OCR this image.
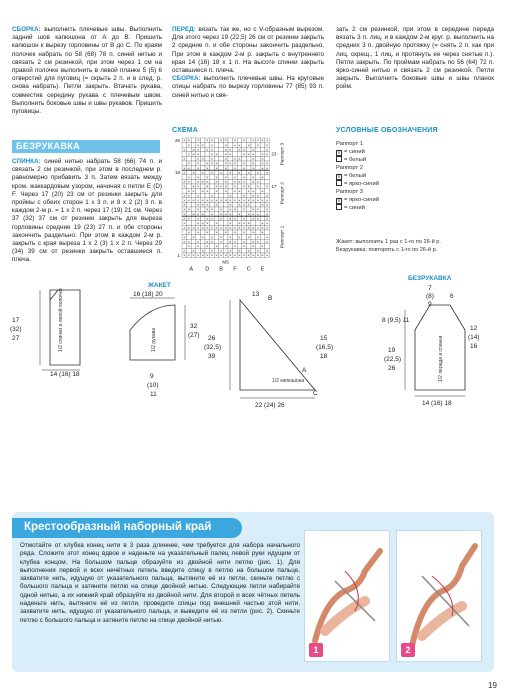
СБОРКА: выполнить плечевые швы. Выполнить задний шов капюшона от А до В. Пришить капюшон к вырезу горловины от В до С. По краям полочек набрать по 58 (68) 78 п. синей нитью и связать 2 см резинкой, при этом через 1 см на правой полочке выполнить в левой планке 5 (5) 6 отверстий для пуговиц (= скрыть 2 п. и в след. р. снова набрать). Петли закрыть. Втачать рукава, совместив середину рукава с плечевым швом. Выполнить боковые швы и швы рукавов. Пришить пуговицы.
БЕЗРУКАВКА
СПИНКА: синей нитью набрать 58 (66) 74 п. и связать 2 см резинкой, при этом в последнем р. равномерно прибавить 3 п. Затем вязать между кром. жаккардовым узором, начиная с петли E (D) F. Через 17 (20) 23 см от резинки закрыть для проймы с обеих сторон 1 х 3 п. и 8 х 2 (2) 3 п. в каждом 2-м р. = 1 х 2 п. через 17 (19) 21 см. Через 37 (32) 37 см от резинки закрыть для выреза горловины средние 19 (23) 27 п. и обе стороны закончить раздельно. При этом в каждом 2-м р. закрыть с края выреза 1 х 2 (3) 1 х 2 п. Через 29 (34) 39 см от резинки закрыть оставшиеся п. плеча.
ПЕРЕД: вязать так же, но с V-образным вырезом. Для этого через 19 (22,5) 26 см от резинки закрыть 2 средние п. и обе стороны закончить раздельно. При этом в каждом 2-м р. закрыть с внутреннего края 14 (16) 18 х 1 п. На высоте спинки закрыть оставшиеся п. плеча.
СБОРКА: выполнить плечевые швы. На круговые спицы набрать по вырезу горловины 77 (85) 93 п. синей нитью и свя-
СХЕМА
× × × × × × × × × × × × ×
× × × ×	× × × × × ×
× × × × ×	× × × × ×	×
× × ×	× × × ×	× × × × ×
×	× × ×	× × ×	× ×
× × × × × × × × × × × ×
× × × × × × × × × × ×
× × × × × × × × × ×
× × × × × × × × ×
× × × × × × × × × × × ×
× × × × × × × × × × × ×
× × × × × × × × × × ×
× × ×	×	×	× × × ×
× × × × × × × × × × × × × × × × × × ×
×	× × × ×	× × × ×	× ×
× × × × × × × × × × × ×
× × × × × × × × × × × × ×
× × × × × × × × × × × ×
×	× × × ×	× × × ×	× ×
× × × × × × × × × × × × × × × × × × ×
× × × × × × × × ×
× × × × × × × × × ×
× × × × × × × × × × × ×
× × × × × × × × ×
× × × × × × × × × ×
× × × × × × × × × × × × × × × × × × ×
26
18
1
23
17
Раппорт 3
Раппорт 2
Раппорт 1
MS
A D B F C E
зать 2 см резинкой, при этом в середине переда вязать 3 п. лиц. и в каждом 2-м круг. р. выполнить на средних 3 п. двойную протяжку (= снять 2 п. как при лиц. скрещ., 1 лиц. и протянуть ее через снятые п.). Петли закрыть. По проймам набрать по 56 (64) 72 п. ярко-синей нитью и связать 2 см резинкой. Петли закрыть. Выполнить боковые швы и швы планок ройм.
УСЛОВНЫЕ ОБОЗНАЧЕНИЯ
Раппорт 1
x = синий
= белый
Раппорт 2
x = белый
= ярко-синий
Раппорт 3
x = ярко-синий
= синий
Жакет: выполнить 1 раз с 1-го по 26-й р.
Безрукавка: повторять с 1-го по 26-й р.
17
(32)
27
14 (16) 18
ЖАКЕТ
16 (18) 20
32
(27)
9
(10)
11
26
(32,5)
39
13
B
A
C
22 (24) 26
15
(16,5)
18
БЕЗРУКАВКА
7
(8)
9
6
8 (9,5) 11
19
(22,5)
26
12
(14)
16
14 (16) 18
1/2 спинки и левой полочки	1/2 рукава
1/2 капюшона	1/2 переда и спинки
Крестообразный наборный край
Отмотайте от клубка конец нити в 3 раза длиннее, чем требуется для набора начального ряда. Сложите этот конец вдвое и наденьте на указательный палец левой руки идущим от клубка концом. На большом пальце образуйте из двойной нити петлю (рис. 1). Для выполнения первой и всех нечётных петель введите спицу в петлю на большом пальце, захватите нить, идущую от указательного пальца, вытяните её из петли, скиньте петлю с большого пальца и затяните петлю на спице двойной нитью. Следующие петли набирайте одной нитью, а их нижний край образуйте из двойной нити. Для второй и всех чётных петель наденьте нить, вытяните её из петли, проведите спицы под внешней частью этой нити, захватите нить, идущую от указательного пальца, и выведите её из петли (рис. 2). Скиньте петлю с большого пальца и затяните петлю на спице двойной нитью.
1	2
19
